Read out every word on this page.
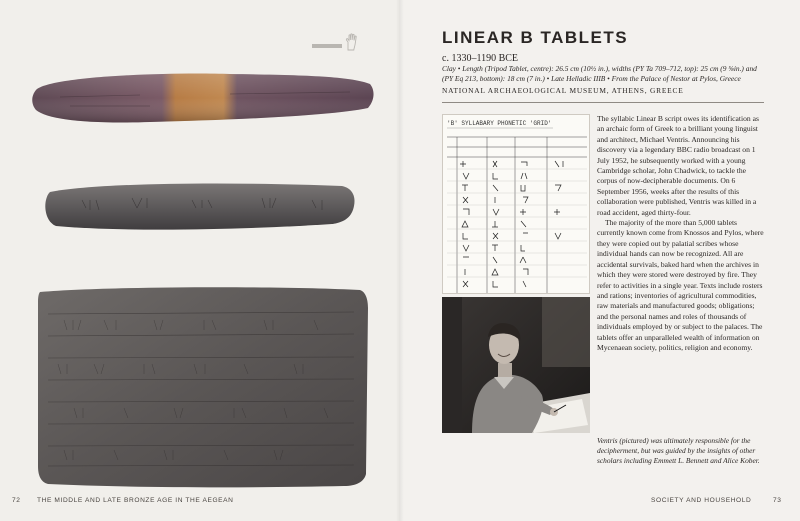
72 THE MIDDLE AND LATE BRONZE AGE IN THE AEGEAN
LINEAR B TABLETS
c. 1330–1190 BCE
Clay • Length (Tripod Tablet, centre): 26.5 cm (10½ in.), widths (PY Ta 709–712, top): 25 cm (9 ⅝in.) and (PY Eq 213, bottom): 18 cm (7 in.) • Late Helladic IIIB • From the Palace of Nestor at Pylos, Greece
NATIONAL ARCHAEOLOGICAL MUSEUM, ATHENS, GREECE
'B' SYLLABARY PHONETIC 'GRID'
Ventris (pictured) was ultimately responsible for the decipherment, but was guided by the insights of other scholars including Emmett L. Bennett and Alice Kober.

The syllabic Linear B script owes its identification as an archaic form of Greek to a brilliant young linguist and architect, Michael Ventris. Announcing his discovery via a legendary BBC radio broadcast on 1 July 1952, he subsequently worked with a young Cambridge scholar, John Chadwick, to tackle the corpus of now-decipherable documents. On 6 September 1956, weeks after the results of this collaboration were published, Ventris was killed in a road accident, aged thirty-four.

The majority of the more than 5,000 tablets currently known come from Knossos and Pylos, where they were copied out by palatial scribes whose individual hands can now be recognized. All are accidental survivals, baked hard when the archives in which they were stored were destroyed by fire. They refer to activities in a single year. Texts include rosters and rations; inventories of agricultural commodities, raw materials and manufactured goods; obligations; and the personal names and roles of thousands of individuals employed by or subject to the palaces. The tablets offer an unparalleled wealth of information on Mycenaean society, politics, religion and economy.

SOCIETY AND HOUSEHOLD	73
